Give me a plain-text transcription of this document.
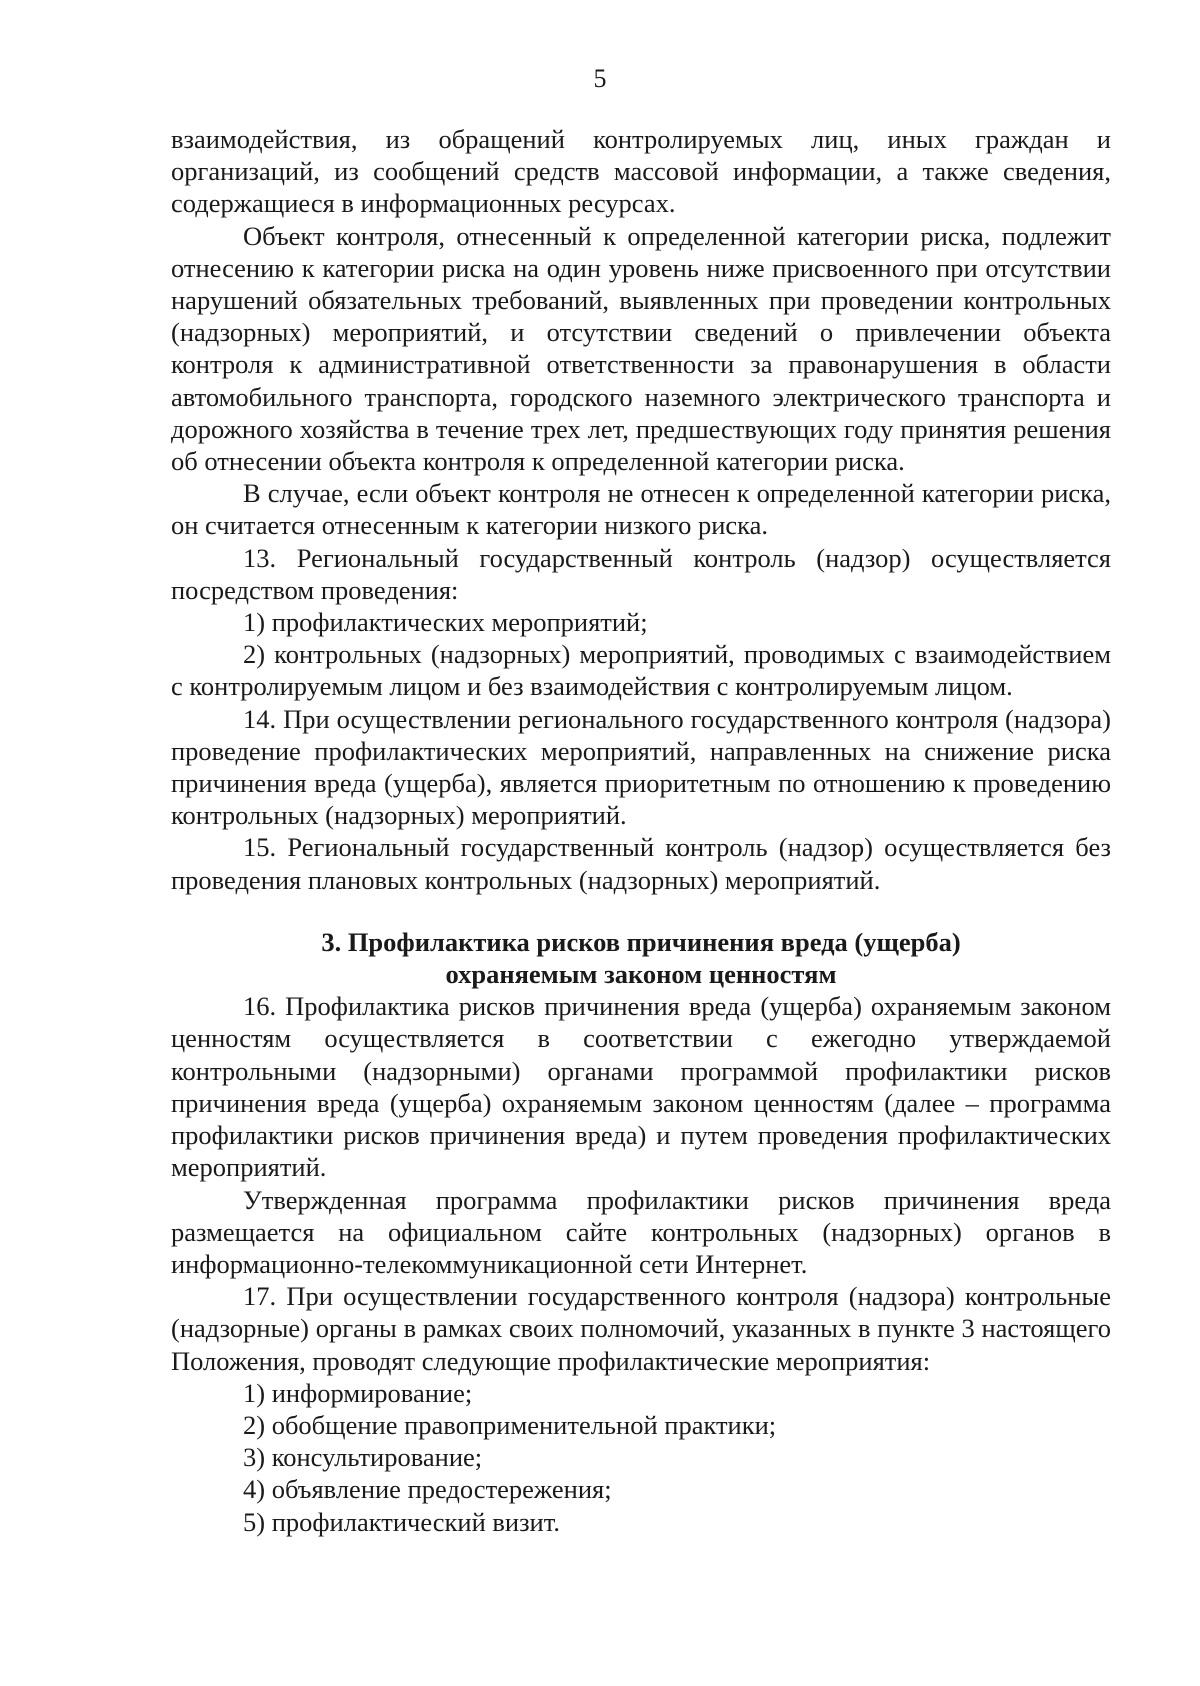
5

взаимодействия, из обращений контролируемых лиц, иных граждан и организаций, из сообщений средств массовой информации, а также сведения, содержащиеся в информационных ресурсах.

Объект контроля, отнесенный к определенной категории риска, подлежит отнесению к категории риска на один уровень ниже присвоенного при отсутствии нарушений обязательных требований, выявленных при проведении контрольных (надзорных) мероприятий, и отсутствии сведений о привлечении объекта контроля к административной ответственности за правонарушения в области автомобильного транспорта, городского наземного электрического транспорта и дорожного хозяйства в течение трех лет, предшествующих году принятия решения об отнесении объекта контроля к определенной категории риска.

В случае, если объект контроля не отнесен к определенной категории риска, он считается отнесенным к категории низкого риска.

13. Региональный государственный контроль (надзор) осуществляется посредством проведения:

1) профилактических мероприятий;

2) контрольных (надзорных) мероприятий, проводимых с взаимодействием с контролируемым лицом и без взаимодействия с контролируемым лицом.

14. При осуществлении регионального государственного контроля (надзора) проведение профилактических мероприятий, направленных на снижение риска причинения вреда (ущерба), является приоритетным по отношению к проведению контрольных (надзорных) мероприятий.

15. Региональный государственный контроль (надзор) осуществляется без проведения плановых контрольных (надзорных) мероприятий.

3. Профилактика рисков причинения вреда (ущерба)
охраняемым законом ценностям

16. Профилактика рисков причинения вреда (ущерба) охраняемым законом ценностям осуществляется в соответствии с ежегодно утверждаемой контрольными (надзорными) органами программой профилактики рисков причинения вреда (ущерба) охраняемым законом ценностям (далее – программа профилактики рисков причинения вреда) и путем проведения профилактических мероприятий.

Утвержденная программа профилактики рисков причинения вреда размещается на официальном сайте контрольных (надзорных) органов в информационно-телекоммуникационной сети Интернет.

17. При осуществлении государственного контроля (надзора) контрольные (надзорные) органы в рамках своих полномочий, указанных в пункте 3 настоящего Положения, проводят следующие профилактические мероприятия:

1) информирование;

2) обобщение правоприменительной практики;

3) консультирование;

4) объявление предостережения;

5) профилактический визит.
